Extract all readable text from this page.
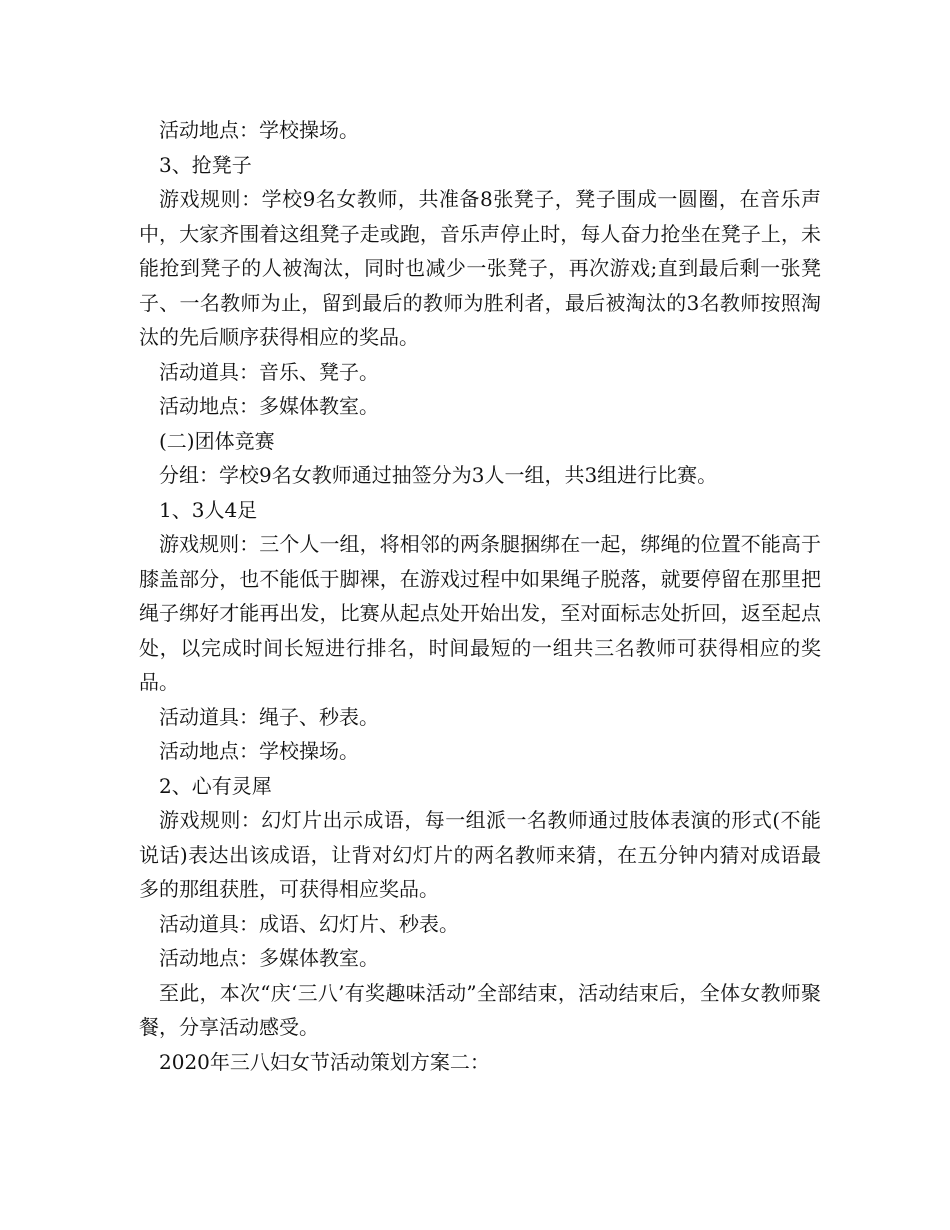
活动地点：学校操场。

3、抢凳子

游戏规则：学校9名女教师，共准备8张凳子，凳子围成一圆圈，在音乐声中，大家齐围着这组凳子走或跑，音乐声停止时，每人奋力抢坐在凳子上，未能抢到凳子的人被淘汰，同时也减少一张凳子，再次游戏;直到最后剩一张凳子、一名教师为止，留到最后的教师为胜利者，最后被淘汰的3名教师按照淘汰的先后顺序获得相应的奖品。

活动道具：音乐、凳子。

活动地点：多媒体教室。

(二)团体竞赛

分组：学校9名女教师通过抽签分为3人一组，共3组进行比赛。

1、3人4足

游戏规则：三个人一组，将相邻的两条腿捆绑在一起，绑绳的位置不能高于膝盖部分，也不能低于脚裸，在游戏过程中如果绳子脱落，就要停留在那里把绳子绑好才能再出发，比赛从起点处开始出发，至对面标志处折回，返至起点处，以完成时间长短进行排名，时间最短的一组共三名教师可获得相应的奖品。

活动道具：绳子、秒表。

活动地点：学校操场。

2、心有灵犀

游戏规则：幻灯片出示成语，每一组派一名教师通过肢体表演的形式(不能说话)表达出该成语，让背对幻灯片的两名教师来猜，在五分钟内猜对成语最多的那组获胜，可获得相应奖品。

活动道具：成语、幻灯片、秒表。

活动地点：多媒体教室。

至此，本次“庆‘三八’有奖趣味活动”全部结束，活动结束后，全体女教师聚餐，分享活动感受。

2020年三八妇女节活动策划方案二：
